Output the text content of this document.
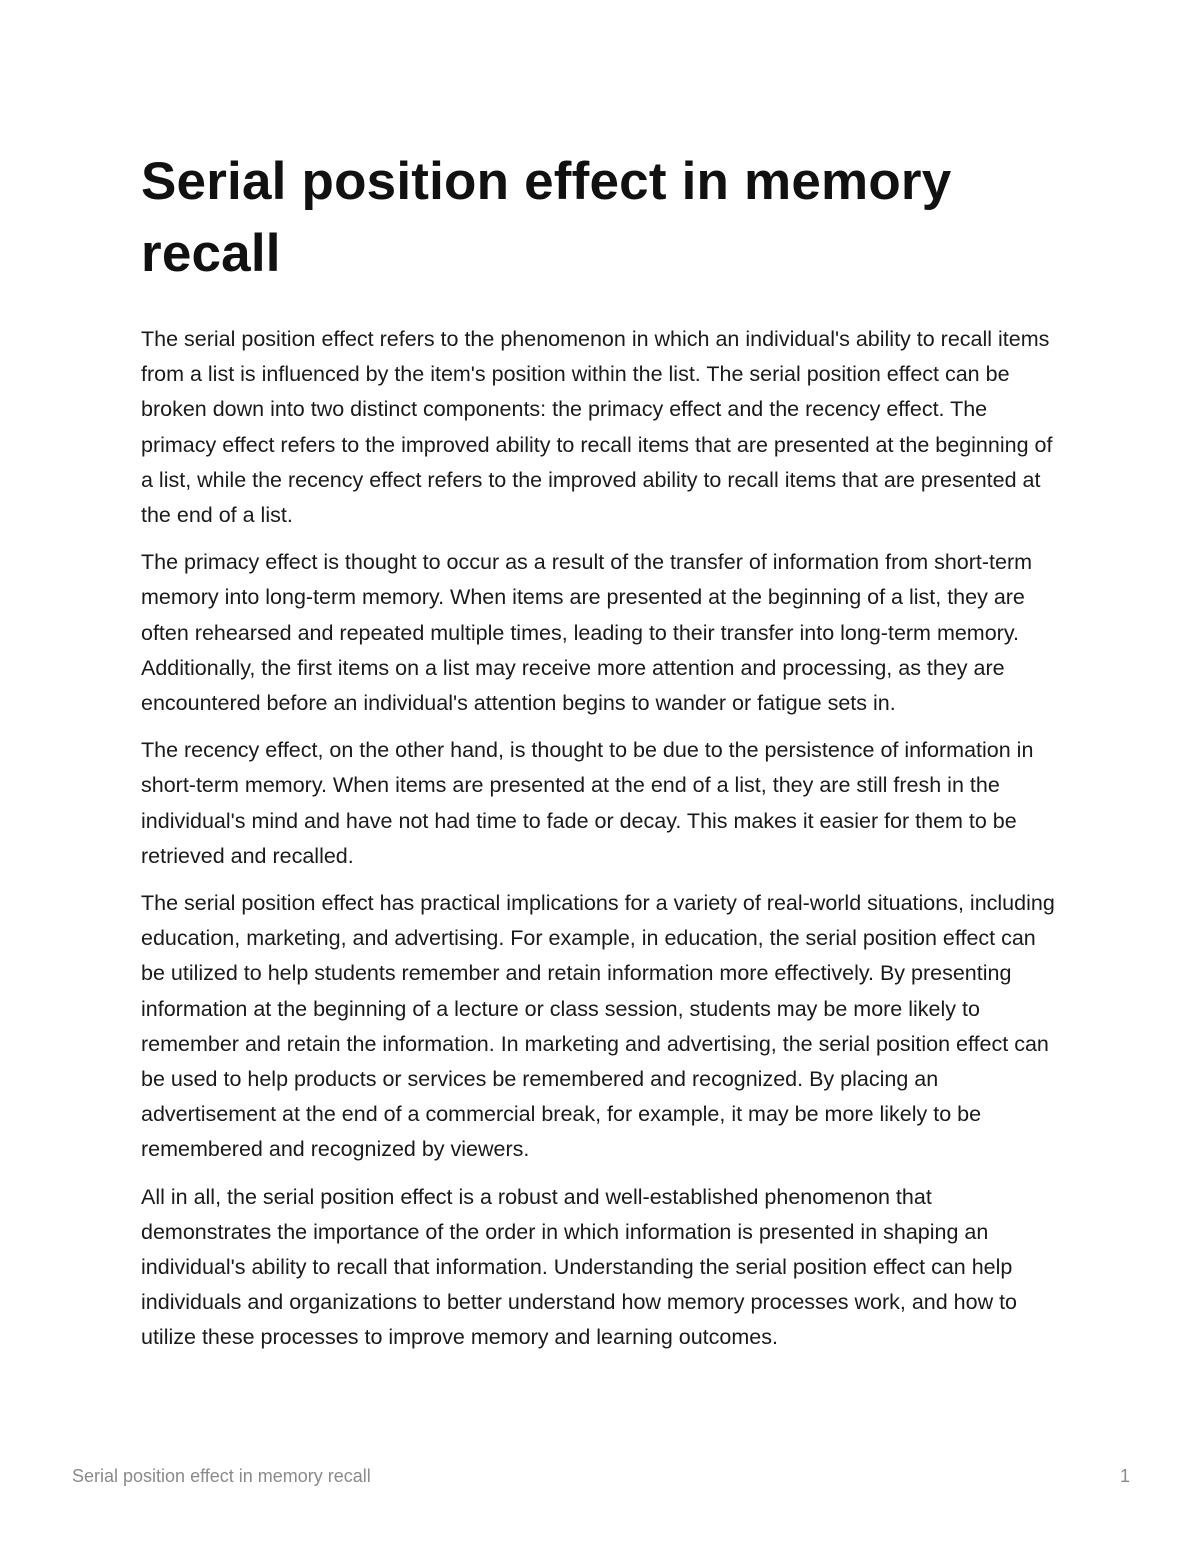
Serial position effect in memory recall

The serial position effect refers to the phenomenon in which an individual's ability to recall items from a list is influenced by the item's position within the list. The serial position effect can be broken down into two distinct components: the primacy effect and the recency effect. The primacy effect refers to the improved ability to recall items that are presented at the beginning of a list, while the recency effect refers to the improved ability to recall items that are presented at the end of a list.

The primacy effect is thought to occur as a result of the transfer of information from short-term memory into long-term memory. When items are presented at the beginning of a list, they are often rehearsed and repeated multiple times, leading to their transfer into long-term memory. Additionally, the first items on a list may receive more attention and processing, as they are encountered before an individual's attention begins to wander or fatigue sets in.

The recency effect, on the other hand, is thought to be due to the persistence of information in short-term memory. When items are presented at the end of a list, they are still fresh in the individual's mind and have not had time to fade or decay. This makes it easier for them to be retrieved and recalled.

The serial position effect has practical implications for a variety of real-world situations, including education, marketing, and advertising. For example, in education, the serial position effect can be utilized to help students remember and retain information more effectively. By presenting information at the beginning of a lecture or class session, students may be more likely to remember and retain the information. In marketing and advertising, the serial position effect can be used to help products or services be remembered and recognized. By placing an advertisement at the end of a commercial break, for example, it may be more likely to be remembered and recognized by viewers.

All in all, the serial position effect is a robust and well-established phenomenon that demonstrates the importance of the order in which information is presented in shaping an individual's ability to recall that information. Understanding the serial position effect can help individuals and organizations to better understand how memory processes work, and how to utilize these processes to improve memory and learning outcomes.

Serial position effect in memory recall	1
